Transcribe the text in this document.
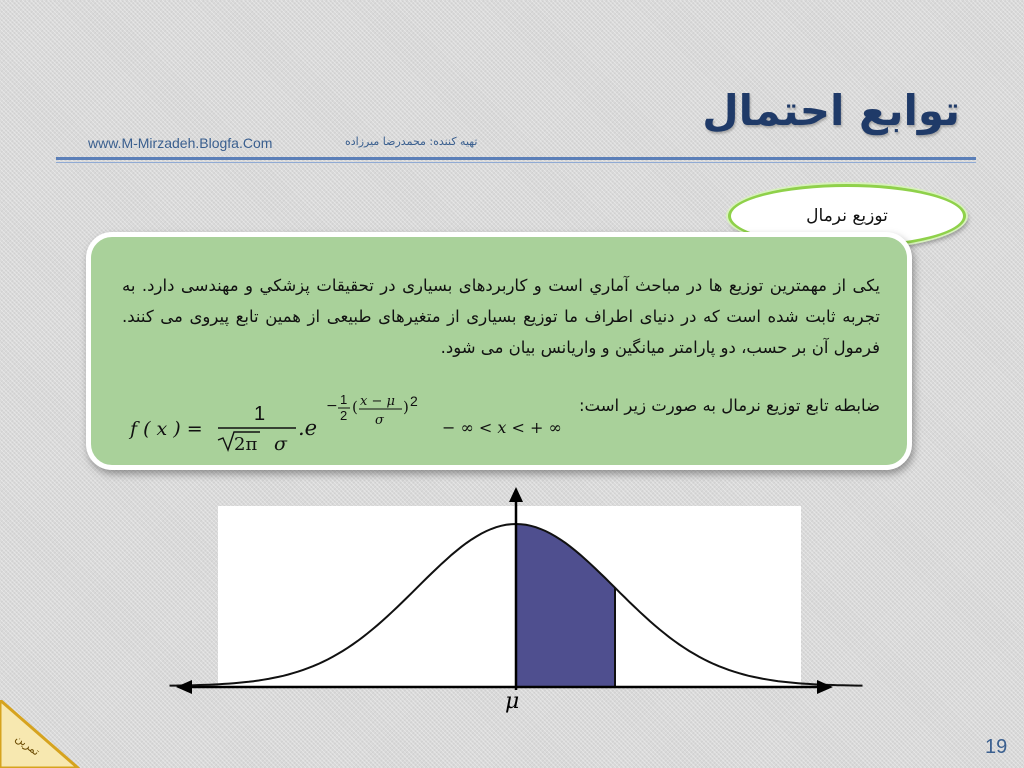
توابع احتمال
www.M-Mirzadeh.Blogfa.Com	تهیه کننده: محمدرضا میرزاده
توزیع نرمال
یکی از مهمترین توزیع ها در مباحث آماري است و کاربردهای بسیاری در تحقیقات پزشکي و مهندسی دارد. به تجربه ثابت شده است که در دنیای اطراف ما توزیع بسیاری از متغیرهای طبیعی از همین تابع پیروی می کنند. فرمول آن بر حسب، دو پارامتر میانگین و واریانس بیان می شود.
ضابطه تابع توزیع نرمال به صورت زیر است:
f ( x ) =
1
2π σ
.e
− 1
2 ( x − μ
σ
) 2
− ∞ < x < + ∞
μ
19
تمرین
